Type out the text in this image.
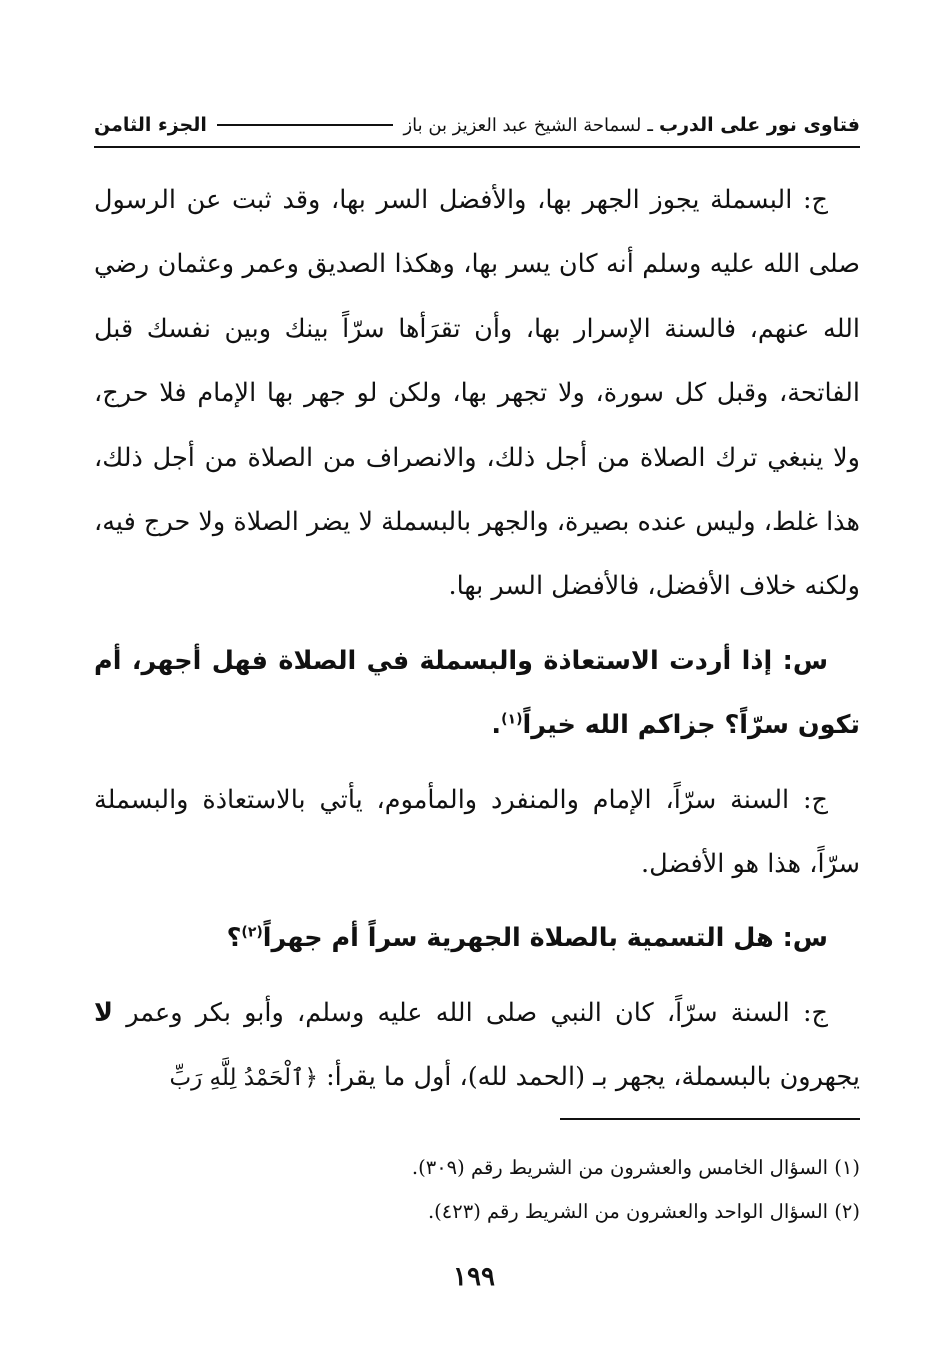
فتاوى نور على الدرب
ـ
لسماحة الشيخ عبد العزيز بن باز
الجزء الثامن

ج: البسملة يجوز الجهر بها، والأفضل السر بها، وقد ثبت عن الرسول صلى الله عليه وسلم أنه كان يسر بها، وهكذا الصديق وعمر وعثمان رضي الله عنهم، فالسنة الإسرار بها، وأن تقرَأها سرّاً بينك وبين نفسك قبل الفاتحة، وقبل كل سورة، ولا تجهر بها، ولكن لو جهر بها الإمام فلا حرج، ولا ينبغي ترك الصلاة من أجل ذلك، والانصراف من الصلاة من أجل ذلك، هذا غلط، وليس عنده بصيرة، والجهر بالبسملة لا يضر الصلاة ولا حرج فيه، ولكنه خلاف الأفضل، فالأفضل السر بها.

س: إذا أردت الاستعاذة والبسملة في الصلاة فهل أجهر، أم تكون سرّاً؟ جزاكم الله خيراً$^{(١)}$.

ج: السنة سرّاً، الإمام والمنفرد والمأموم، يأتي بالاستعاذة والبسملة سرّاً، هذا هو الأفضل.

س: هل التسمية بالصلاة الجهرية سراً أم جهراً$^{(٢)}$؟

ج: السنة سرّاً، كان النبي صلى الله عليه وسلم، وأبو بكر وعمر لا يجهرون بالبسملة، يجهر بـ (الحمد لله)، أول ما يقرأ: ﴿ٱلْحَمْدُ لِلَّهِ رَبِّ

(١) السؤال الخامس والعشرون من الشريط رقم (٣٠٩).

(٢) السؤال الواحد والعشرون من الشريط رقم (٤٢٣).

١٩٩
